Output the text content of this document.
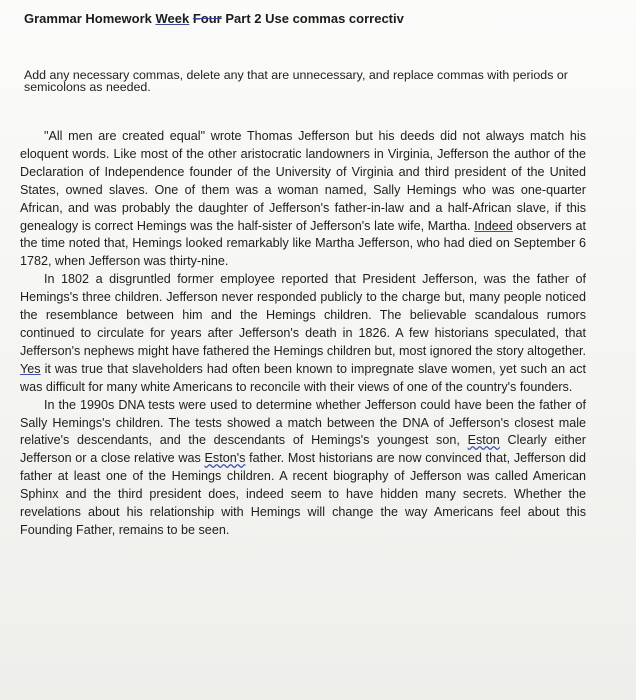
Grammar Homework Week Four Part 2 Use commas correctiv
Add any necessary commas, delete any that are unnecessary, and replace commas with periods or semicolons as needed.

"All men are created equal" wrote Thomas Jefferson but his deeds did not always match his eloquent words. Like most of the other aristocratic landowners in Virginia, Jefferson the author of the Declaration of Independence founder of the University of Virginia and third president of the United States, owned slaves. One of them was a woman named, Sally Hemings who was one-quarter African, and was probably the daughter of Jefferson's father-in-law and a half-African slave, if this genealogy is correct Hemings was the half-sister of Jefferson's late wife, Martha. Indeed observers at the time noted that, Hemings looked remarkably like Martha Jefferson, who had died on September 6 1782, when Jefferson was thirty-nine.

In 1802 a disgruntled former employee reported that President Jefferson, was the father of Hemings's three children. Jefferson never responded publicly to the charge but, many people noticed the resemblance between him and the Hemings children. The believable scandalous rumors continued to circulate for years after Jefferson's death in 1826. A few historians speculated, that Jefferson's nephews might have fathered the Hemings children but, most ignored the story altogether. Yes it was true that slaveholders had often been known to impregnate slave women, yet such an act was difficult for many white Americans to reconcile with their views of one of the country's founders.

In the 1990s DNA tests were used to determine whether Jefferson could have been the father of Sally Hemings's children. The tests showed a match between the DNA of Jefferson's closest male relative's descendants, and the descendants of Hemings's youngest son, Eston Clearly either Jefferson or a close relative was Eston's father. Most historians are now convinced that, Jefferson did father at least one of the Hemings children. A recent biography of Jefferson was called American Sphinx and the third president does, indeed seem to have hidden many secrets. Whether the revelations about his relationship with Hemings will change the way Americans feel about this Founding Father, remains to be seen.
